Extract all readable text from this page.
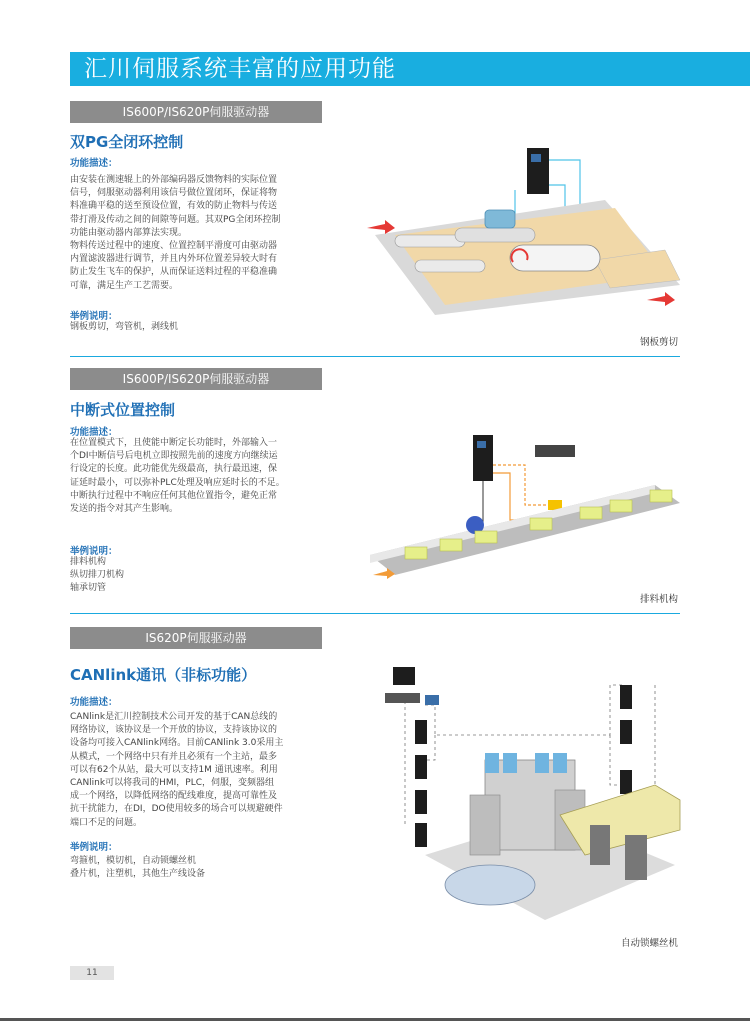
汇川伺服系统丰富的应用功能
IS600P/IS620P伺服驱动器
双PG全闭环控制
功能描述：
由安装在测速辊上的外部编码器反馈物料的实际位置
信号，伺服驱动器利用该信号做位置闭环，保证将物
料准确平稳的送至预设位置，有效的防止物料与传送
带打滑及传动之间的间隙等问题。其双PG全闭环控制
功能由驱动器内部算法实现。
物料传送过程中的速度、位置控制平滑度可由驱动器
内置滤波器进行调节，并且内外环位置差异较大时有
防止发生飞车的保护，从而保证送料过程的平稳准确
可靠，满足生产工艺需要。
举例说明：
钢板剪切，弯管机，剥线机
钢板剪切
IS600P/IS620P伺服驱动器
中断式位置控制
功能描述：
在位置模式下，且使能中断定长功能时，外部输入一
个DI中断信号后电机立即按照先前的速度方向继续运
行设定的长度。此功能优先级最高，执行最迅速，保
证延时最小，可以弥补PLC处理及响应延时长的不足。
中断执行过程中不响应任何其他位置指令，避免正常
发送的指令对其产生影响。
举例说明：
排料机构
纵切排刀机构
轴承切管
排料机构
IS620P伺服驱动器
CANlink通讯（非标功能）
功能描述：
CANlink是汇川控制技术公司开发的基于CAN总线的
网络协议，该协议是一个开放的协议，支持该协议的
设备均可接入CANlink网络。目前CANlink 3.0采用主
从模式，一个网络中只有并且必须有一个主站，最多
可以有62个从站，最大可以支持1M 通讯速率。利用
CANlink可以将我司的HMI，PLC，伺服，变频器组
成一个网络，以降低网络的配线难度，提高可靠性及
抗干扰能力，在DI，DO使用较多的场合可以规避硬件
端口不足的问题。
举例说明：
弯箍机，模切机，自动锁螺丝机
叠片机，注塑机，其他生产线设备
自动锁螺丝机
11
